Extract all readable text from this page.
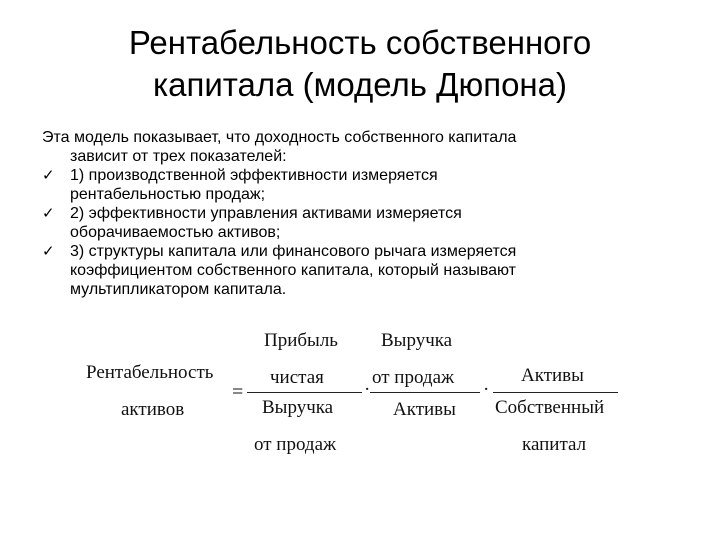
Рентабельность собственного
капитала (модель Дюпона)
Эта модель показывает, что доходность собственного капитала
зависит от трех показателей:
✓ 1) производственной эффективности измеряется
рентабельностью продаж;
✓ 2) эффективности управления активами измеряется
оборачиваемостью активов;
✓ 3) структуры капитала или финансового рычага измеряется
коэффициентом собственного капитала, который называют
мультипликатором капитала.
Рентабельность
активов
=
Прибыль
чистая
Выручка
от продаж
·
Выручка
от продаж
Активы
·
Активы
Собственный
капитал
